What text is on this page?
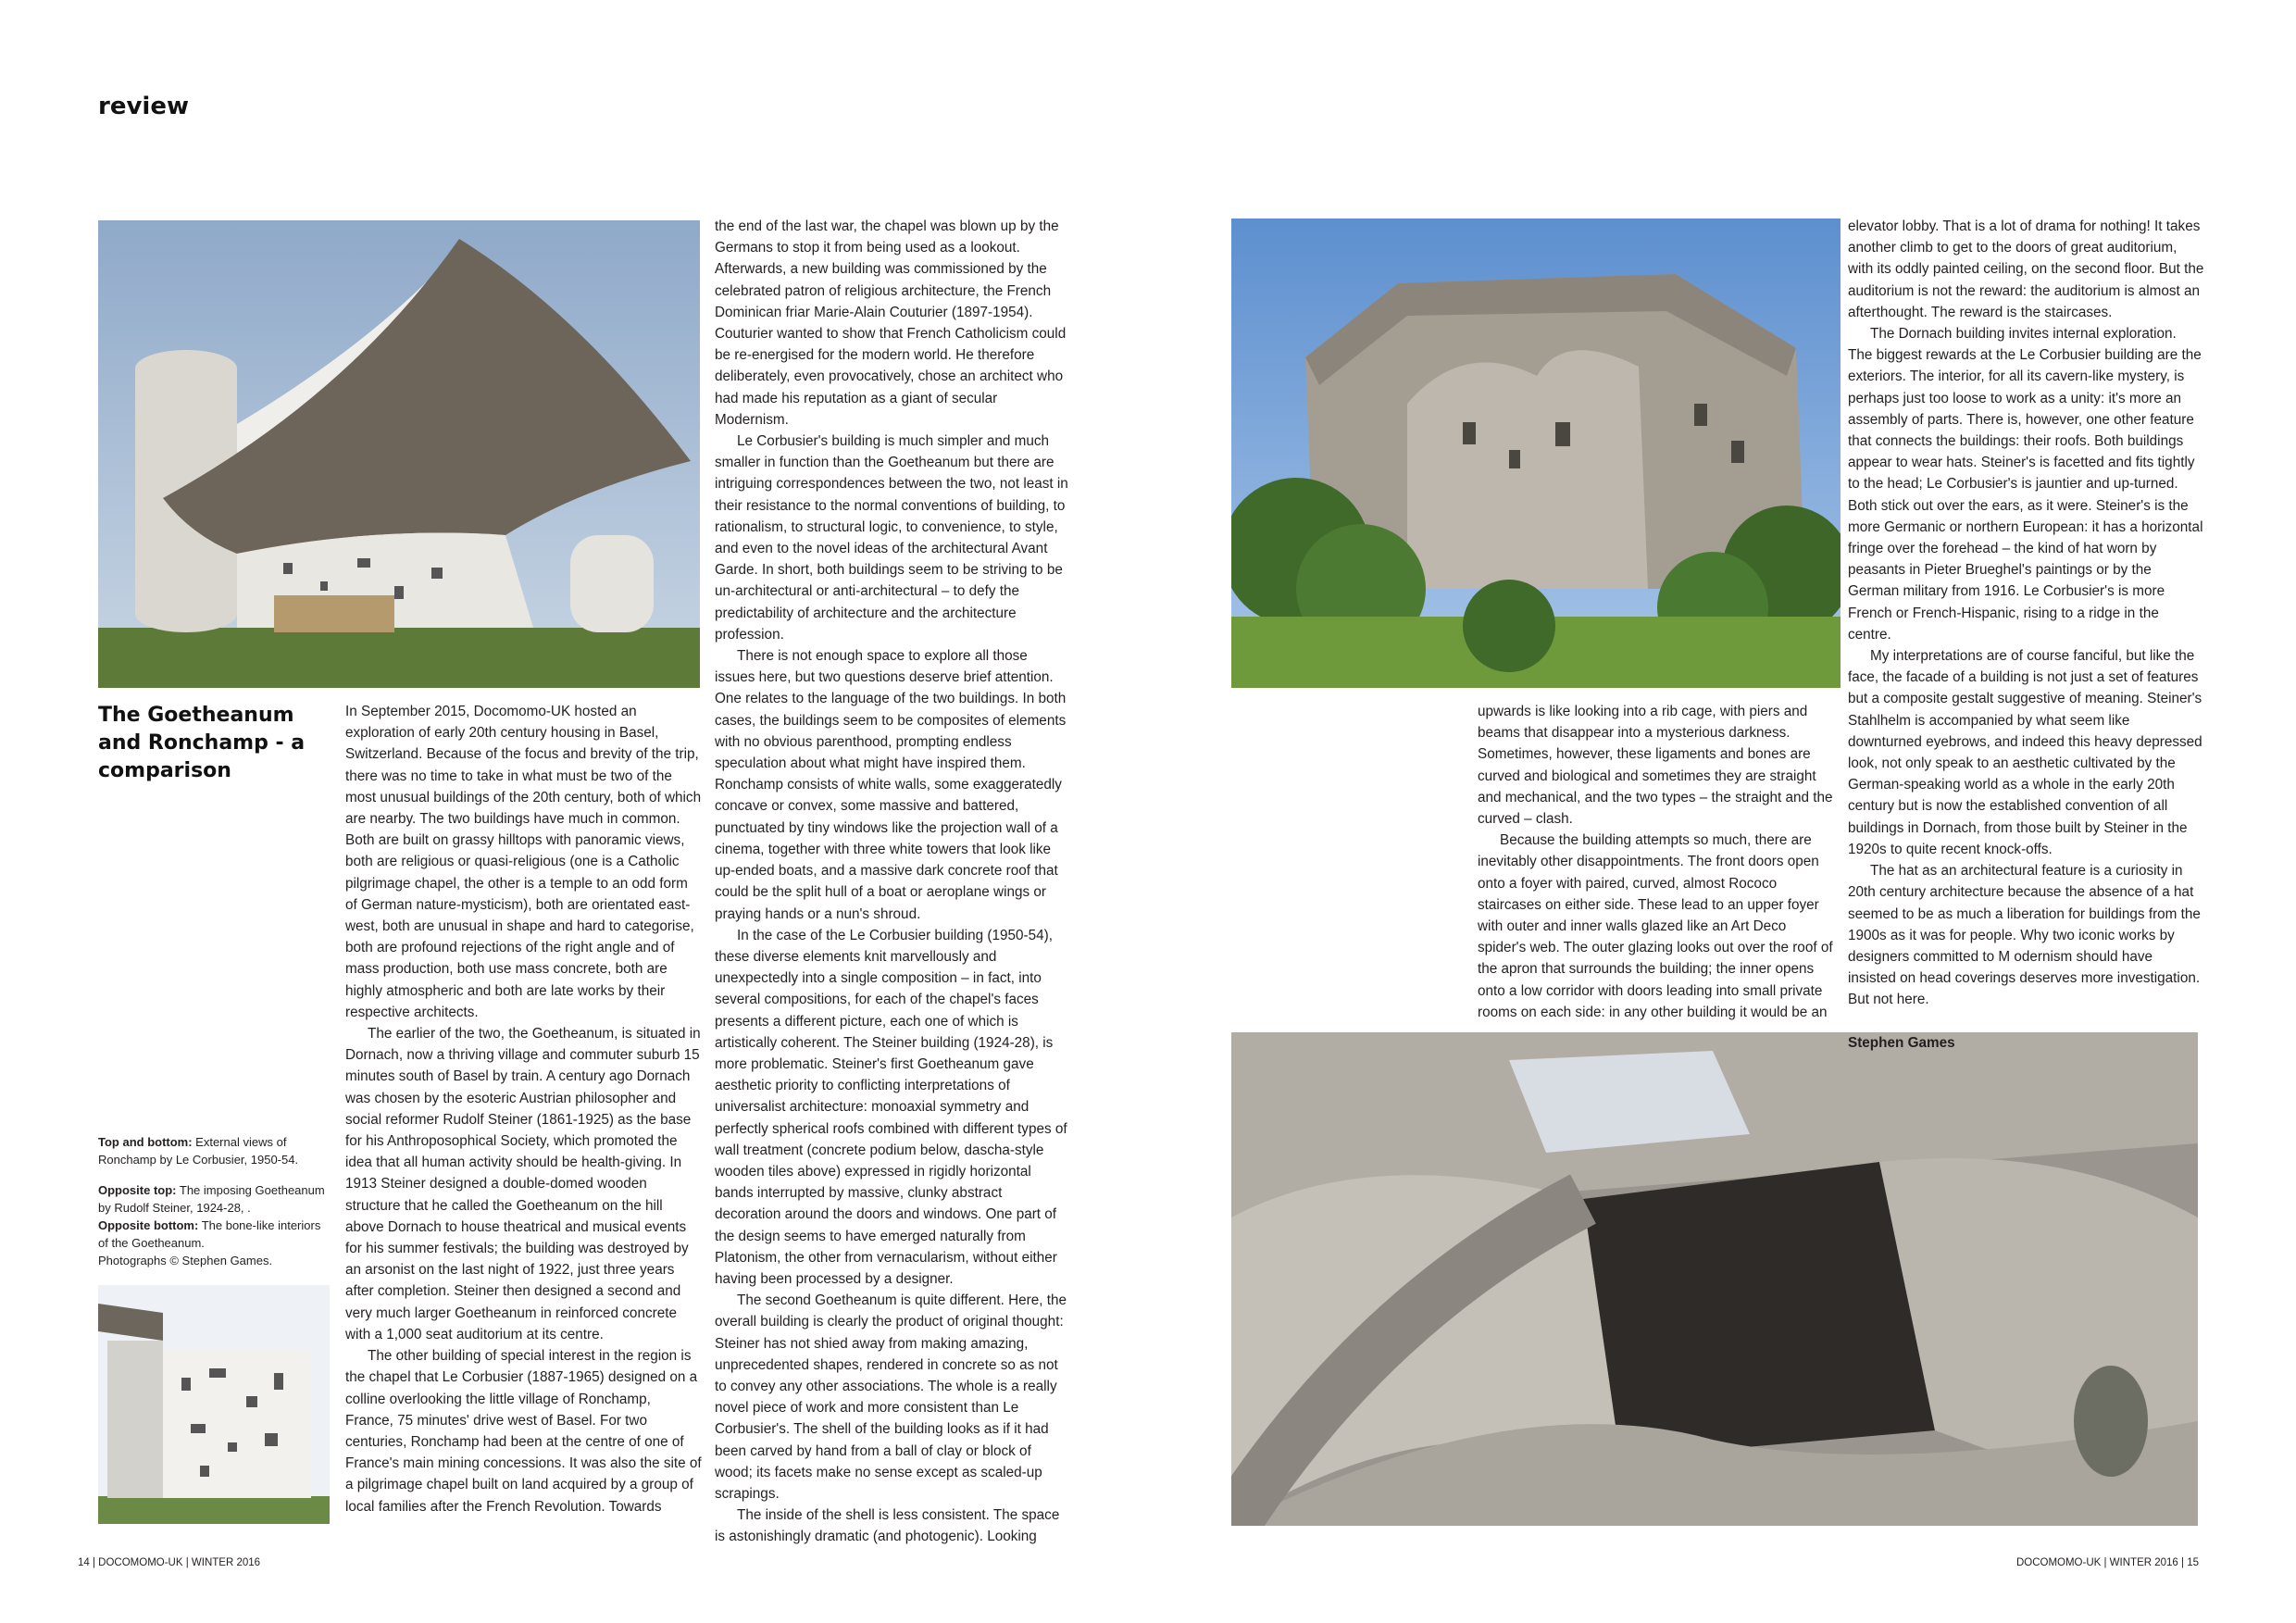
review
The Goetheanum and Ronchamp - a comparison

Top and bottom: External views of Ronchamp by Le Corbusier, 1950-54.

Opposite top: The imposing Goetheanum by Rudolf Steiner, 1924-28, .
Opposite bottom: The bone-like interiors of the Goetheanum.
Photographs © Stephen Games.

In September 2015, Docomomo-UK hosted an exploration of early 20th century housing in Basel, Switzerland. Because of the focus and brevity of the trip, there was no time to take in what must be two of the most unusual buildings of the 20th century, both of which are nearby. The two buildings have much in common. Both are built on grassy hilltops with panoramic views, both are religious or quasi-religious (one is a Catholic pilgrimage chapel, the other is a temple to an odd form of German nature-mysticism), both are orientated east-west, both are unusual in shape and hard to categorise, both are profound rejections of the right angle and of mass production, both use mass concrete, both are highly atmospheric and both are late works by their respective architects.

The earlier of the two, the Goetheanum, is situated in Dornach, now a thriving village and commuter suburb 15 minutes south of Basel by train. A century ago Dornach was chosen by the esoteric Austrian philosopher and social reformer Rudolf Steiner (1861-1925) as the base for his Anthroposophical Society, which promoted the idea that all human activity should be health-giving. In 1913 Steiner designed a double-domed wooden structure that he called the Goetheanum on the hill above Dornach to house theatrical and musical events for his summer festivals; the building was destroyed by an arsonist on the last night of 1922, just three years after completion. Steiner then designed a second and very much larger Goetheanum in reinforced concrete with a 1,000 seat auditorium at its centre.

The other building of special interest in the region is the chapel that Le Corbusier (1887-1965) designed on a colline overlooking the little village of Ronchamp, France, 75 minutes' drive west of Basel. For two centuries, Ronchamp had been at the centre of one of France's main mining concessions. It was also the site of a pilgrimage chapel built on land acquired by a group of local families after the French Revolution. Towards

the end of the last war, the chapel was blown up by the Germans to stop it from being used as a lookout. Afterwards, a new building was commissioned by the celebrated patron of religious architecture, the French Dominican friar Marie-Alain Couturier (1897-1954). Couturier wanted to show that French Catholicism could be re-energised for the modern world. He therefore deliberately, even provocatively, chose an architect who had made his reputation as a giant of secular Modernism.

Le Corbusier's building is much simpler and much smaller in function than the Goetheanum but there are intriguing correspondences between the two, not least in their resistance to the normal conventions of building, to rationalism, to structural logic, to convenience, to style, and even to the novel ideas of the architectural Avant Garde. In short, both buildings seem to be striving to be un-architectural or anti-architectural – to defy the predictability of architecture and the architecture profession.

There is not enough space to explore all those issues here, but two questions deserve brief attention. One relates to the language of the two buildings. In both cases, the buildings seem to be composites of elements with no obvious parenthood, prompting endless speculation about what might have inspired them. Ronchamp consists of white walls, some exaggeratedly concave or convex, some massive and battered, punctuated by tiny windows like the projection wall of a cinema, together with three white towers that look like up-ended boats, and a massive dark concrete roof that could be the split hull of a boat or aeroplane wings or praying hands or a nun's shroud.

In the case of the Le Corbusier building (1950-54), these diverse elements knit marvellously and unexpectedly into a single composition – in fact, into several compositions, for each of the chapel's faces presents a different picture, each one of which is artistically coherent. The Steiner building (1924-28), is more problematic. Steiner's first Goetheanum gave aesthetic priority to conflicting interpretations of universalist architecture: monoaxial symmetry and perfectly spherical roofs combined with different types of wall treatment (concrete podium below, dascha-style wooden tiles above) expressed in rigidly horizontal bands interrupted by massive, clunky abstract decoration around the doors and windows. One part of the design seems to have emerged naturally from Platonism, the other from vernacularism, without either having been processed by a designer.

The second Goetheanum is quite different. Here, the overall building is clearly the product of original thought: Steiner has not shied away from making amazing, unprecedented shapes, rendered in concrete so as not to convey any other associations. The whole is a really novel piece of work and more consistent than Le Corbusier's. The shell of the building looks as if it had been carved by hand from a ball of clay or block of wood; its facets make no sense except as scaled-up scrapings.

The inside of the shell is less consistent. The space is astonishingly dramatic (and photogenic). Looking

upwards is like looking into a rib cage, with piers and beams that disappear into a mysterious darkness. Sometimes, however, these ligaments and bones are curved and biological and sometimes they are straight and mechanical, and the two types – the straight and the curved – clash.

Because the building attempts so much, there are inevitably other disappointments. The front doors open onto a foyer with paired, curved, almost Rococo staircases on either side. These lead to an upper foyer with outer and inner walls glazed like an Art Deco spider's web. The outer glazing looks out over the roof of the apron that surrounds the building; the inner opens onto a low corridor with doors leading into small private rooms on each side: in any other building it would be an

elevator lobby. That is a lot of drama for nothing! It takes another climb to get to the doors of great auditorium, with its oddly painted ceiling, on the second floor. But the auditorium is not the reward: the auditorium is almost an afterthought. The reward is the staircases.

The Dornach building invites internal exploration. The biggest rewards at the Le Corbusier building are the exteriors. The interior, for all its cavern-like mystery, is perhaps just too loose to work as a unity: it's more an assembly of parts. There is, however, one other feature that connects the buildings: their roofs. Both buildings appear to wear hats. Steiner's is facetted and fits tightly to the head; Le Corbusier's is jauntier and up-turned. Both stick out over the ears, as it were. Steiner's is the more Germanic or northern European: it has a horizontal fringe over the forehead – the kind of hat worn by peasants in Pieter Brueghel's paintings or by the German military from 1916. Le Corbusier's is more French or French-Hispanic, rising to a ridge in the centre.

My interpretations are of course fanciful, but like the face, the facade of a building is not just a set of features but a composite gestalt suggestive of meaning. Steiner's Stahlhelm is accompanied by what seem like downturned eyebrows, and indeed this heavy depressed look, not only speak to an aesthetic cultivated by the German-speaking world as a whole in the early 20th century but is now the established convention of all buildings in Dornach, from those built by Steiner in the 1920s to quite recent knock-offs.

The hat as an architectural feature is a curiosity in 20th century architecture because the absence of a hat seemed to be as much a liberation for buildings from the 1900s as it was for people. Why two iconic works by designers committed to M odernism should have insisted on head coverings deserves more investigation. But not here.

Stephen Games

14 | DOCOMOMO-UK | WINTER 2016	DOCOMOMO-UK | WINTER 2016 | 15
